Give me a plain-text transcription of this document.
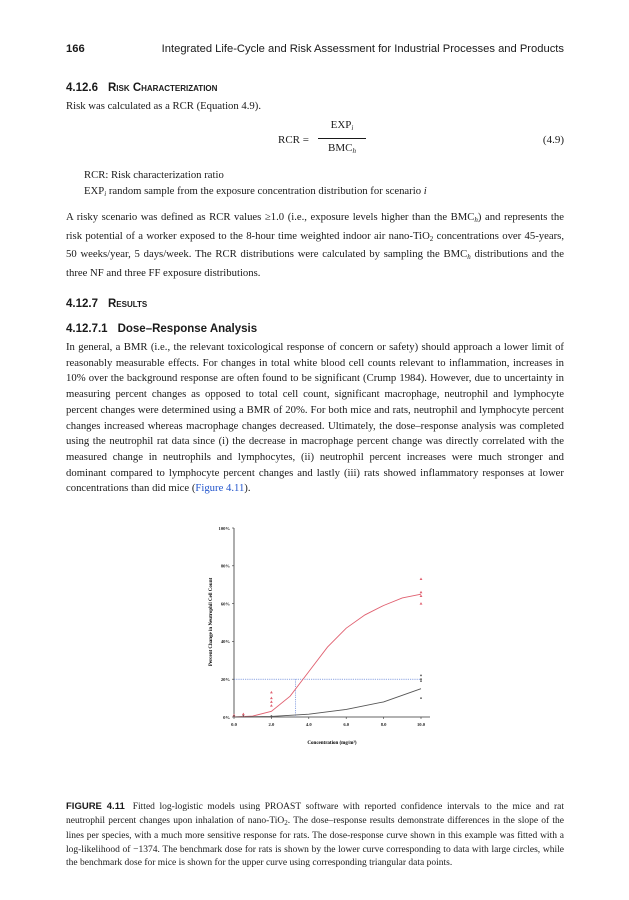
166	Integrated Life-Cycle and Risk Assessment for Industrial Processes and Products
4.12.6 Risk Characterization
Risk was calculated as a RCR (Equation 4.9).
RCR =
$EXP_i$
$BMC_h$
(4.9)
RCR: Risk characterization ratio
$EXP_i$ random sample from the exposure concentration distribution for scenario i
A risky scenario was defined as RCR values ≥1.0 (i.e., exposure levels higher than the $BMC_h$) and represents the risk potential of a worker exposed to the 8-hour time weighted indoor air nano-TiO$_2$ concentrations over 45-years, 50 weeks/year, 5 days/week. The RCR distributions were calculated by sampling the $BMC_h$ distributions and the three NF and three FF exposure distributions.
4.12.7 Results
4.12.7.1 Dose–Response Analysis
In general, a BMR (i.e., the relevant toxicological response of concern or safety) should approach a lower limit of reasonably measurable effects. For changes in total white blood cell counts relevant to inflammation, increases in 10% over the background response are often found to be significant (Crump 1984). However, due to uncertainty in measuring percent changes as opposed to total cell count, significant macrophage, neutrophil and lymphocyte percent changes were determined using a BMR of 20%. For both mice and rats, neutrophil and lymphocyte percent changes increased whereas macrophage changes decreased. Ultimately, the dose–response analysis was completed using the neutrophil rat data since (i) the decrease in macrophage percent change was directly correlated with the measured change in neutrophils and lymphocytes, (ii) neutrophil percent increases were much stronger and dominant compared to lymphocyte percent changes and lastly (iii) rats showed inflammatory responses at lower concentrations than did mice (Figure 4.11).
0%
20%
40%
60%
80%
100%
0.0	2.0	4.0	6.0	8.0	10.0
Concentration (mg/m³)
Percent Change in Neutrophil Cell Count
FIGURE 4.11 Fitted log-logistic models using PROAST software with reported confidence intervals to the mice and rat neutrophil percent changes upon inhalation of nano-TiO$_2$. The dose–response results demonstrate differences in the slope of the lines per species, with a much more sensitive response for rats. The dose-response curve shown in this example was fitted with a log-likelihood of −1374. The benchmark dose for rats is shown by the lower curve corresponding to data with large circles, while the benchmark dose for mice is shown for the upper curve using corresponding triangular data points.
